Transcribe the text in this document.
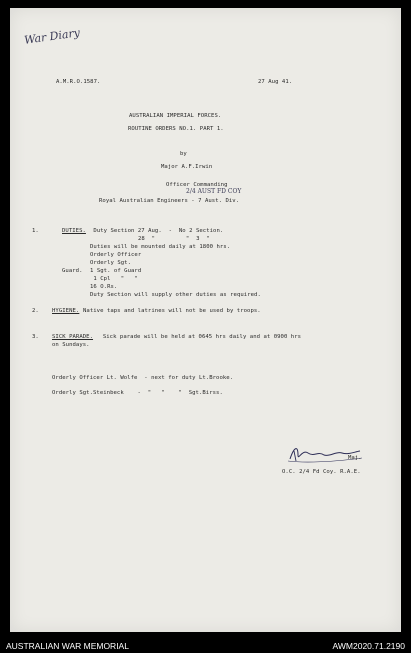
War Diary
A.M.R.O.1587.	27 Aug 41.
AUSTRALIAN IMPERIAL FORCES.
ROUTINE ORDERS NO.1. PART 1.
by
Major A.F.Irwin
Officer Commanding
2/4 AUST FD COY
Royal Australian Engineers - 7 Aust. Div.
1.	DUTIES. Duty Section 27 Aug.  -  No 2 Section.
28  "         "  3  "
Duties will be mounted daily at 1800 hrs.
Orderly Officer
Orderly Sgt.
Guard. 1 Sgt. of Guard
1 Cpl   "   "
16 O.Rs.
Duty Section will supply other duties as required.
2. HYGIENE. Native taps and latrines will not be used by troops.
3. SICK PARADE. Sick parade will be held at 0645 hrs daily and at 0900 hrs
on Sundays.
Orderly Officer Lt. Wolfe  - next for duty Lt.Brooke.
Orderly Sgt.Steinbeck    -  "   "    "  Sgt.Birss.
Maj.
O.C. 2/4 Fd Coy. R.A.E.
AUSTRALIAN WAR MEMORIAL	AWM2020.71.2190
